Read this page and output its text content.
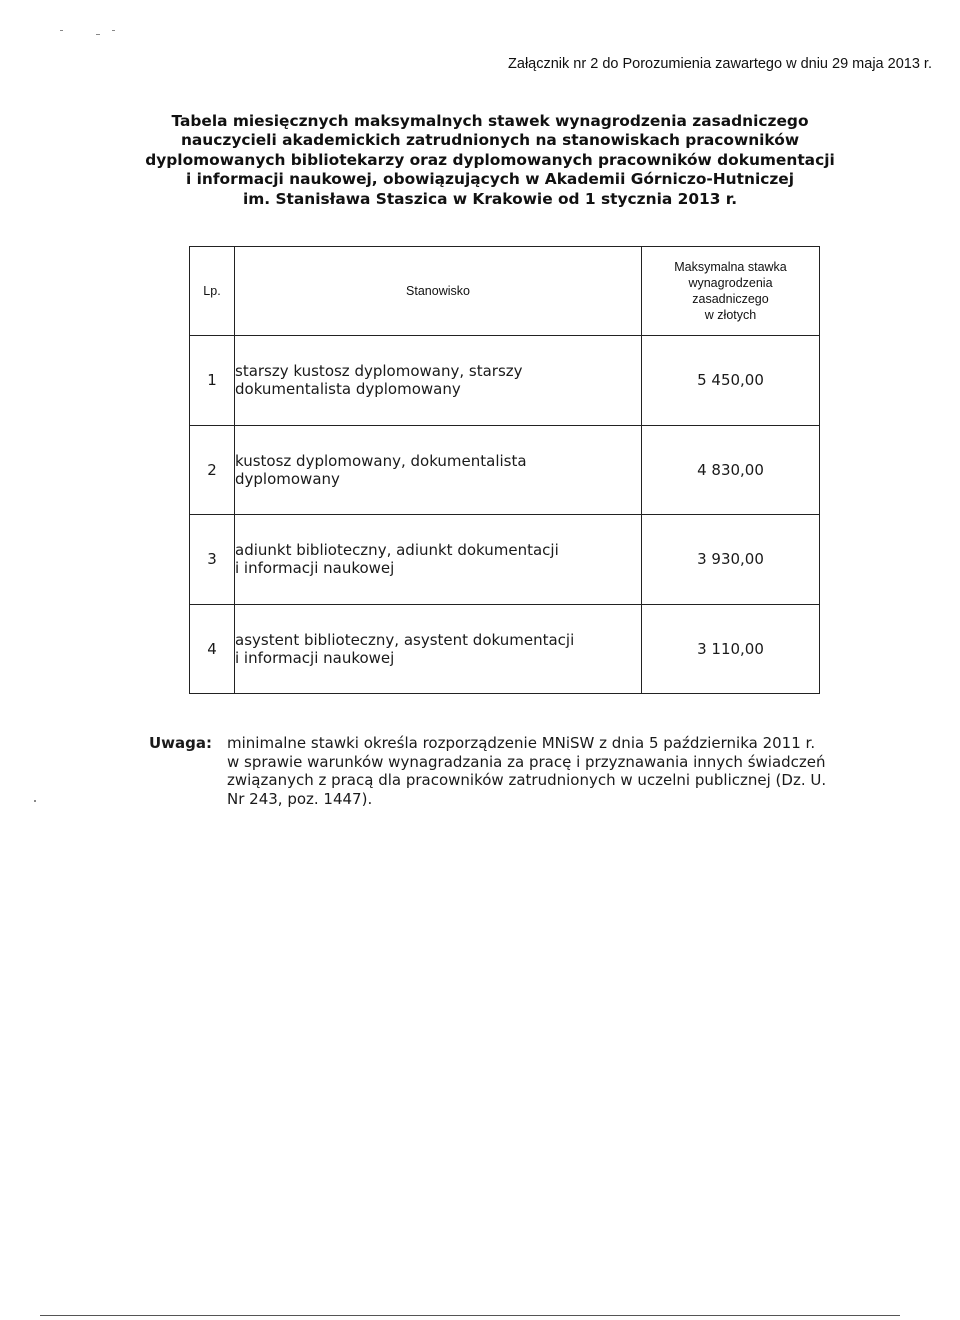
Załącznik nr 2 do Porozumienia zawartego w dniu 29 maja 2013 r.
Tabela miesięcznych maksymalnych stawek wynagrodzenia zasadniczego
nauczycieli akademickich zatrudnionych na stanowiskach pracowników
dyplomowanych bibliotekarzy oraz dyplomowanych pracowników dokumentacji
i informacji naukowej, obowiązujących w Akademii Górniczo-Hutniczej
im. Stanisława Staszica w Krakowie od 1 stycznia 2013 r.
Lp.	Stanowisko	Maksymalna stawka
wynagrodzenia
zasadniczego
w złotych

1	starszy kustosz dyplomowany, starszy
dokumentalista dyplomowany	5 450,00
2	kustosz dyplomowany, dokumentalista
dyplomowany	4 830,00
3	adiunkt biblioteczny, adiunkt dokumentacji
i informacji naukowej	3 930,00
4	asystent biblioteczny, asystent dokumentacji
i informacji naukowej	3 110,00
Uwaga: minimalne stawki określa rozporządzenie MNiSW z dnia 5 października 2011 r.
w sprawie warunków wynagradzania za pracę i przyznawania innych świadczeń
związanych z pracą dla pracowników zatrudnionych w uczelni publicznej (Dz. U.
Nr 243, poz. 1447).
